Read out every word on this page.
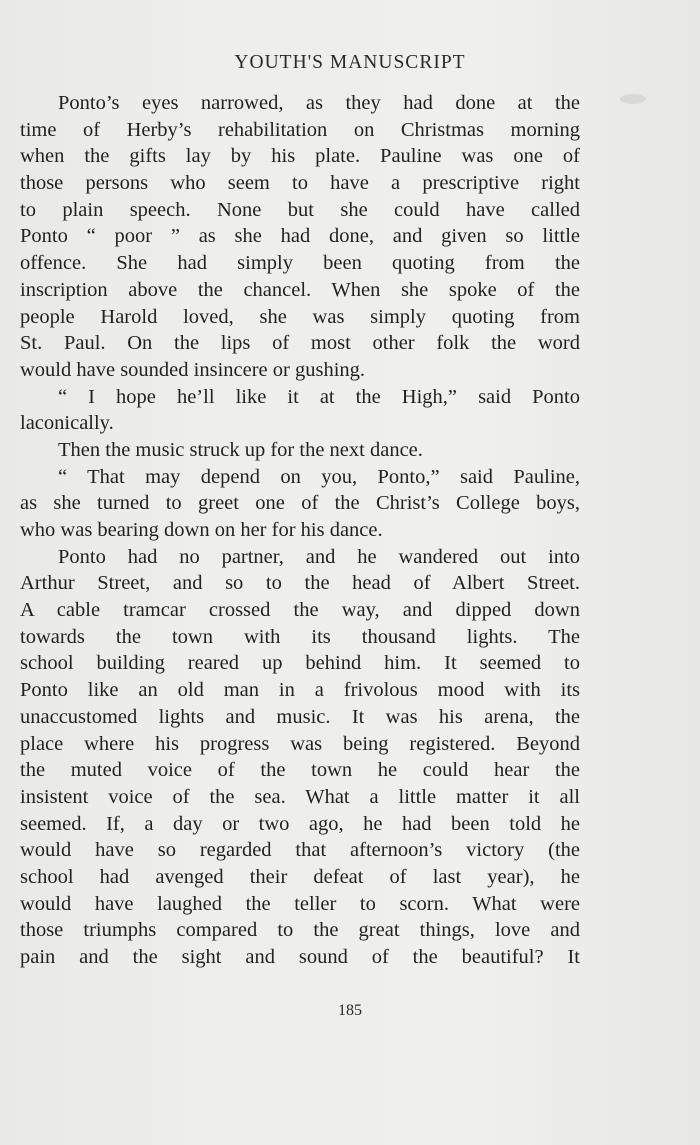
YOUTH'S MANUSCRIPT
Ponto’s eyes narrowed, as they had done at the
time of Herby’s rehabilitation on Christmas morning
when the gifts lay by his plate. Pauline was one of
those persons who seem to have a prescriptive right
to plain speech. None but she could have called
Ponto “ poor ” as she had done, and given so little
offence. She had simply been quoting from the
inscription above the chancel. When she spoke of the
people Harold loved, she was simply quoting from
St. Paul. On the lips of most other folk the word
would have sounded insincere or gushing.
“ I hope he’ll like it at the High,” said Ponto
laconically.
Then the music struck up for the next dance.
“ That may depend on you, Ponto,” said Pauline,
as she turned to greet one of the Christ’s College boys,
who was bearing down on her for his dance.
Ponto had no partner, and he wandered out into
Arthur Street, and so to the head of Albert Street.
A cable tramcar crossed the way, and dipped down
towards the town with its thousand lights. The
school building reared up behind him. It seemed to
Ponto like an old man in a frivolous mood with its
unaccustomed lights and music. It was his arena, the
place where his progress was being registered. Beyond
the muted voice of the town he could hear the
insistent voice of the sea. What a little matter it all
seemed. If, a day or two ago, he had been told he
would have so regarded that afternoon’s victory (the
school had avenged their defeat of last year), he
would have laughed the teller to scorn. What were
those triumphs compared to the great things, love and
pain and the sight and sound of the beautiful? It
185
